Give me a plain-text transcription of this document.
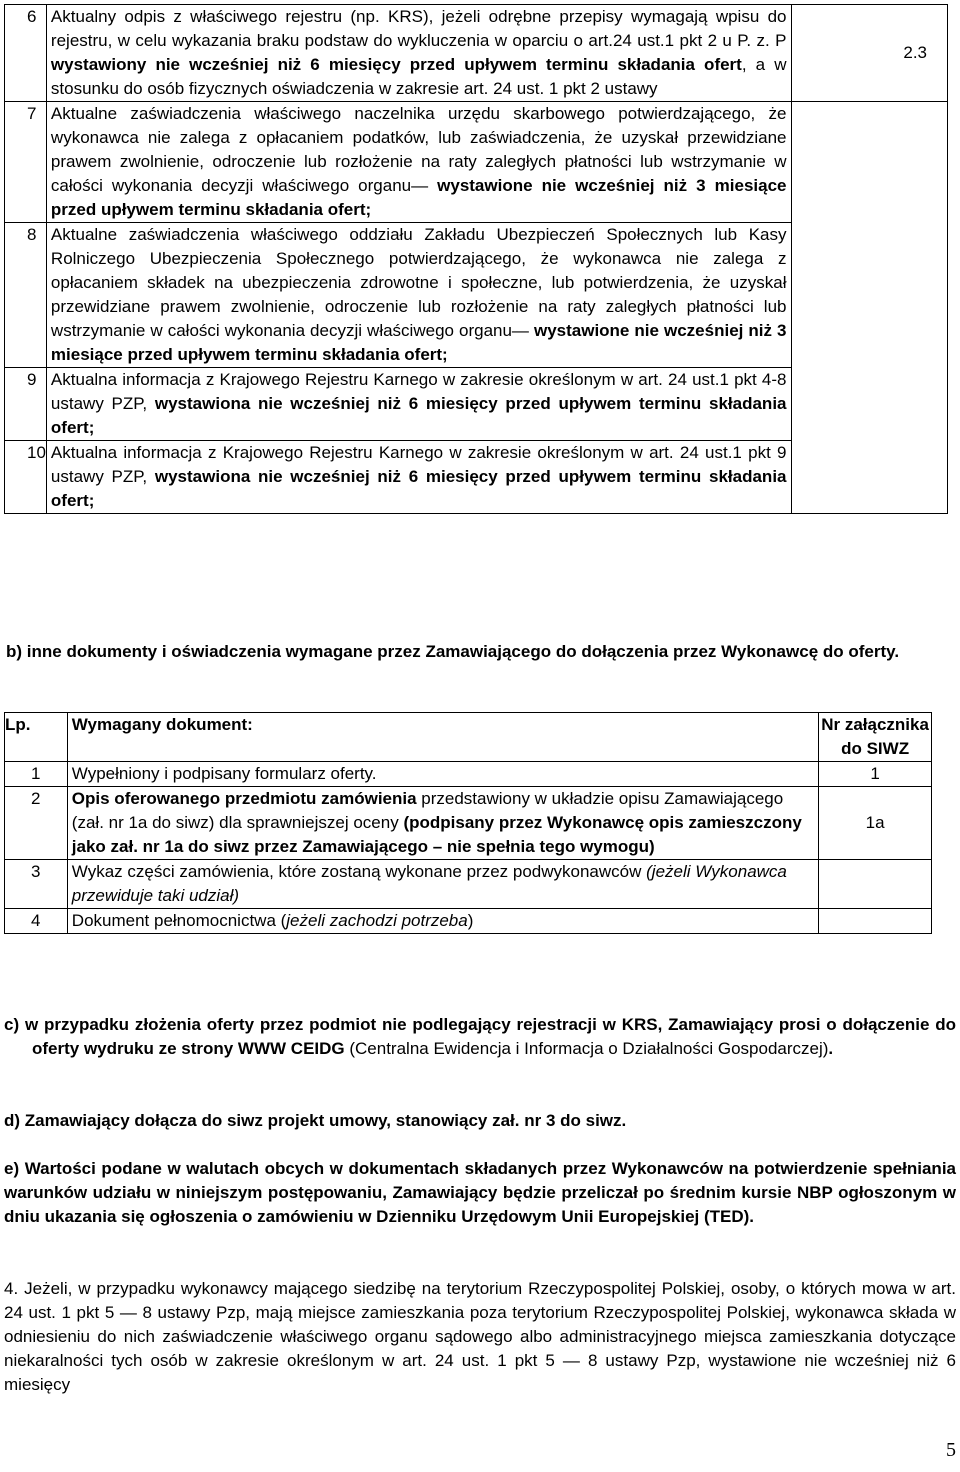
6	Aktualny odpis z właściwego rejestru (np. KRS), jeżeli odrębne przepisy wymagają wpisu do rejestru, w celu wykazania braku podstaw do wykluczenia w oparciu o art.24 ust.1 pkt 2 u P. z. P wystawiony nie wcześniej niż 6 miesięcy przed upływem terminu składania ofert, a w stosunku do osób fizycznych oświadczenia w zakresie art. 24 ust. 1 pkt 2 ustawy	2.3
7	Aktualne zaświadczenia właściwego naczelnika urzędu skarbowego potwierdzającego, że wykonawca nie zalega z opłacaniem podatków, lub zaświadczenia, że uzyskał przewidziane prawem zwolnienie, odroczenie lub rozłożenie na raty zaległych płatności lub wstrzymanie w całości wykonania decyzji właściwego organu— wystawione nie wcześniej niż 3 miesiące przed upływem terminu składania ofert;	
8	Aktualne zaświadczenia właściwego oddziału Zakładu Ubezpieczeń Społecznych lub Kasy Rolniczego Ubezpieczenia Społecznego potwierdzającego, że wykonawca nie zalega z opłacaniem składek na ubezpieczenia zdrowotne i społeczne, lub potwierdzenia, że uzyskał przewidziane prawem zwolnienie, odroczenie lub rozłożenie na raty zaległych płatności lub wstrzymanie w całości wykonania decyzji właściwego organu— wystawione nie wcześniej niż 3 miesiące przed upływem terminu składania ofert;	
9	Aktualna informacja z Krajowego Rejestru Karnego w zakresie określonym w art. 24 ust.1 pkt 4-8 ustawy PZP, wystawiona nie wcześniej niż 6 miesięcy przed upływem terminu składania ofert;	
10	Aktualna informacja z Krajowego Rejestru Karnego w zakresie określonym w art. 24 ust.1 pkt 9 ustawy PZP, wystawiona nie wcześniej niż 6 miesięcy przed upływem terminu składania ofert;	
b) inne dokumenty i oświadczenia wymagane przez Zamawiającego do dołączenia przez Wykonawcę do oferty.
Lp.	Wymagany dokument:	Nr załącznika do SIWZ
1	Wypełniony i podpisany formularz oferty.	1
2	Opis oferowanego przedmiotu zamówienia przedstawiony w układzie opisu Zamawiającego (zał. nr 1a do siwz) dla sprawniejszej oceny (podpisany przez Wykonawcę opis zamieszczony jako zał. nr 1a do siwz przez Zamawiającego – nie spełnia tego wymogu)	1a
3	Wykaz części zamówienia, które zostaną wykonane przez podwykonawców (jeżeli Wykonawca przewiduje taki udział)	
4	Dokument pełnomocnictwa (jeżeli zachodzi potrzeba)	
c) w przypadku złożenia oferty przez podmiot nie podlegający rejestracji w KRS, Zamawiający prosi o dołączenie do oferty wydruku ze strony WWW CEIDG (Centralna Ewidencja i Informacja o Działalności Gospodarczej).
d) Zamawiający dołącza do siwz projekt umowy, stanowiący zał. nr 3 do siwz.
e) Wartości podane w walutach obcych w dokumentach składanych przez Wykonawców na potwierdzenie spełniania warunków udziału w niniejszym postępowaniu, Zamawiający będzie przeliczał po średnim kursie NBP ogłoszonym w dniu ukazania się ogłoszenia o zamówieniu w Dzienniku Urzędowym Unii Europejskiej (TED).
4. Jeżeli, w przypadku wykonawcy mającego siedzibę na terytorium Rzeczypospolitej Polskiej, osoby, o których mowa w art. 24 ust. 1 pkt 5 — 8 ustawy Pzp, mają miejsce zamieszkania poza terytorium Rzeczypospolitej Polskiej, wykonawca składa w odniesieniu do nich zaświadczenie właściwego organu sądowego albo administracyjnego miejsca zamieszkania dotyczące niekaralności tych osób w zakresie określonym w art. 24 ust. 1 pkt 5 — 8 ustawy Pzp, wystawione nie wcześniej niż 6 miesięcy
5
